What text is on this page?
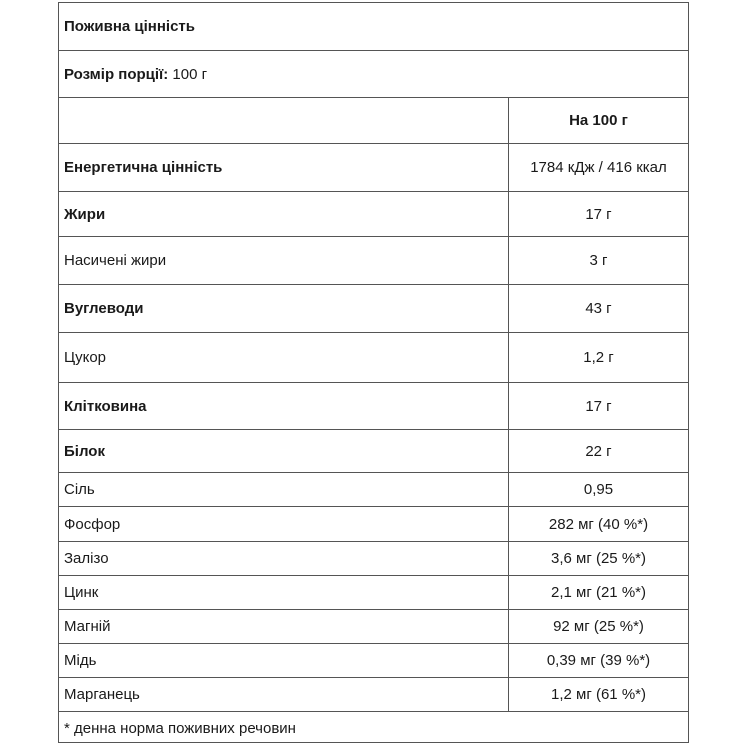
Поживна цінність
Розмір порції: 100 г
На 100 г
Енергетична цінність	1784 кДж / 416 ккал
Жири	17 г
Насичені жири	3 г
Вуглеводи	43 г
Цукор	1,2 г
Клітковина	17 г
Білок	22 г
Сіль	0,95
Фосфор	282 мг (40 %*)
Залізо	3,6 мг (25 %*)
Цинк	2,1 мг (21 %*)
Магній	92 мг (25 %*)
Мідь	0,39 мг (39 %*)
Марганець	1,2 мг (61 %*)
* денна норма поживних речовин
